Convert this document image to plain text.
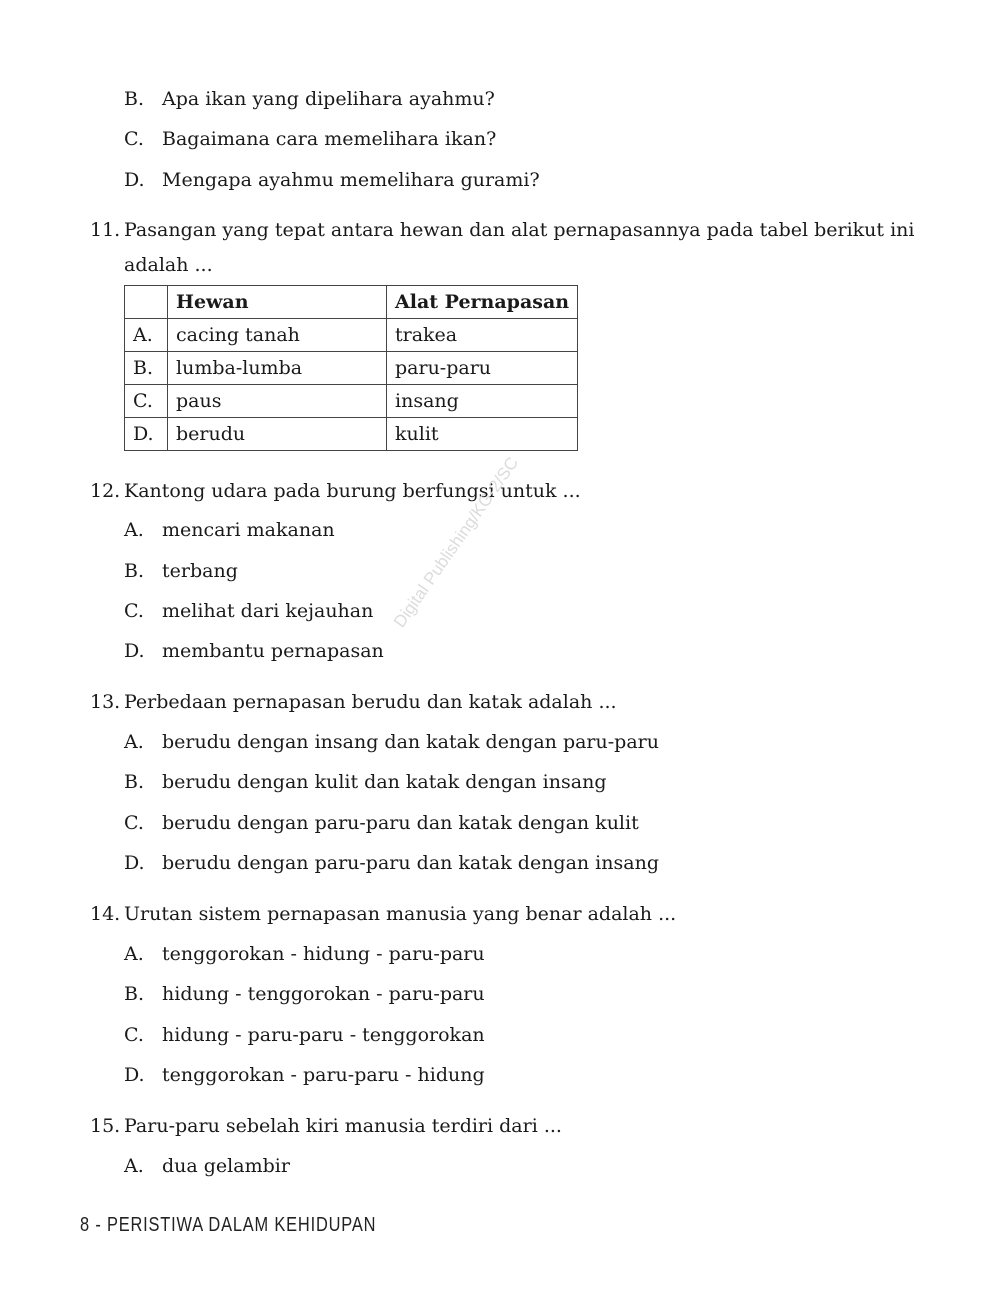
B. Apa ikan yang dipelihara ayahmu?
C. Bagaimana cara memelihara ikan?
D. Mengapa ayahmu memelihara gurami?
11. Pasangan yang tepat antara hewan dan alat pernapasannya pada tabel berikut ini
adalah ...
	Hewan	Alat Pernapasan
A.	cacing tanah	trakea
B.	lumba-lumba	paru-paru
C.	paus	insang
D.	berudu	kulit
12. Kantong udara pada burung berfungsi untuk ...
A. mencari makanan
B. terbang
C. melihat dari kejauhan
D. membantu pernapasan
13. Perbedaan pernapasan berudu dan katak adalah ...
A. berudu dengan insang dan katak dengan paru-paru
B. berudu dengan kulit dan katak dengan insang
C. berudu dengan paru-paru dan katak dengan kulit
D. berudu dengan paru-paru dan katak dengan insang
14. Urutan sistem pernapasan manusia yang benar adalah ...
A. tenggorokan - hidung - paru-paru
B. hidung - tenggorokan - paru-paru
C. hidung - paru-paru - tenggorokan
D. tenggorokan - paru-paru - hidung
15. Paru-paru sebelah kiri manusia terdiri dari ...
A. dua gelambir
Digital Publishing/KG-2/SC
8 - PERISTIWA DALAM KEHIDUPAN
